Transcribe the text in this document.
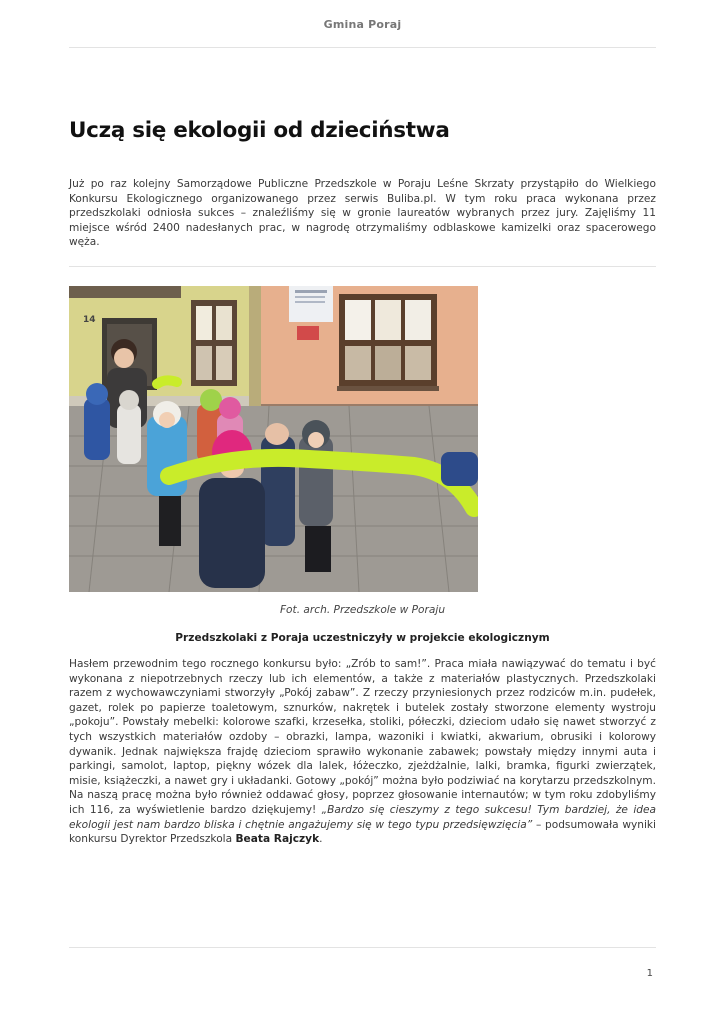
Gmina Poraj
Uczą się ekologii od dzieciństwa

Już po raz kolejny Samorządowe Publiczne Przedszkole w Poraju Leśne Skrzaty przystąpiło do Wielkiego Konkursu Ekologicznego organizowanego przez serwis Buliba.pl. W tym roku praca wykonana przez przedszkolaki odniosła sukces – znaleźliśmy się w gronie laureatów wybranych przez jury. Zajęliśmy 11 miejsce wśród 2400 nadesłanych prac, w nagrodę otrzymaliśmy odblaskowe kamizelki oraz spacerowego węża.

14
Fot. arch. Przedszkole w Poraju
Przedszkolaki z Poraja uczestniczyły w projekcie ekologicznym

Hasłem przewodnim tego rocznego konkursu było: „Zrób to sam!”. Praca miała nawiązywać do tematu i być wykonana z niepotrzebnych rzeczy lub ich elementów, a także z materiałów plastycznych. Przedszkolaki razem z wychowawczyniami stworzyły „Pokój zabaw”. Z rzeczy przyniesionych przez rodziców m.in. pudełek, gazet, rolek po papierze toaletowym, sznurków, nakrętek i butelek zostały stworzone elementy wystroju „pokoju”. Powstały mebelki: kolorowe szafki, krzesełka, stoliki, półeczki, dzieciom udało się nawet stworzyć z tych wszystkich materiałów ozdoby – obrazki, lampa, wazoniki i kwiatki, akwarium, obrusiki i kolorowy dywanik. Jednak największa frajdę dzieciom sprawiło wykonanie zabawek; powstały między innymi auta i parkingi, samolot, laptop, piękny wózek dla lalek, łóżeczko, zjeżdżalnie, lalki, bramka, figurki zwierzątek, misie, książeczki, a nawet gry i układanki. Gotowy „pokój” można było podziwiać na korytarzu przedszkolnym. Na naszą pracę można było również oddawać głosy, poprzez głosowanie internautów; w tym roku zdobyliśmy ich 116, za wyświetlenie bardzo dziękujemy! „Bardzo się cieszymy z tego sukcesu! Tym bardziej, że idea ekologii jest nam bardzo bliska i chętnie angażujemy się w tego typu przedsięwzięcia” – podsumowała wyniki konkursu Dyrektor Przedszkola Beata Rajczyk.

1
